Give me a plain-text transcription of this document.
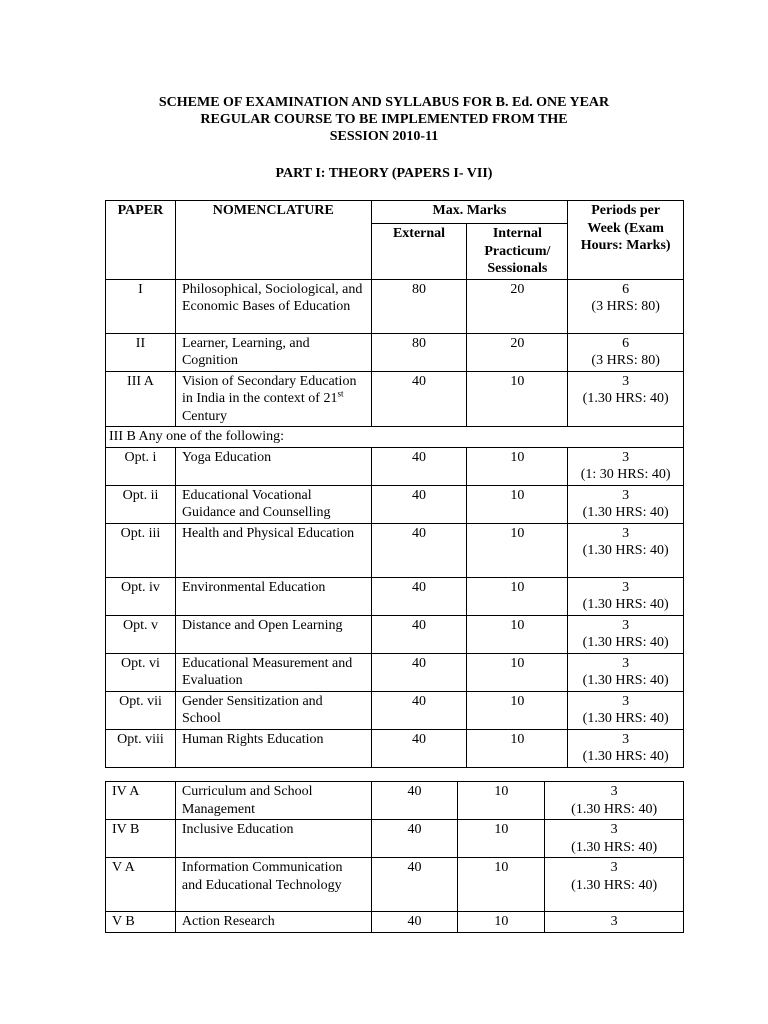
SCHEME OF EXAMINATION AND SYLLABUS FOR B. Ed. ONE YEAR
REGULAR COURSE TO BE IMPLEMENTED FROM THE
SESSION 2010-11
PART I: THEORY (PAPERS I- VII)
PAPER	NOMENCLATURE	Max. Marks		Periods per Week (Exam Hours: Marks)
		External	Internal Practicum/ Sessionals	
I	Philosophical, Sociological, and Economic Bases of Education	80	20	6
(3 HRS: 80)

II	Learner, Learning, and Cognition	80	20	6
(3 HRS: 80)

III A	Vision of Secondary Education in India in the context of 21st Century	40	10	3
(1.30 HRS: 40)

III B Any one of the following:				
Opt. i	Yoga Education	40	10	3
(1: 30 HRS: 40)

Opt. ii	Educational Vocational Guidance and Counselling	40	10	3
(1.30 HRS: 40)

Opt. iii	Health and Physical Education	40	10	3
(1.30 HRS: 40)

Opt. iv	Environmental Education	40	10	3
(1.30 HRS: 40)

Opt. v	Distance and Open Learning	40	10	3
(1.30 HRS: 40)

Opt. vi	Educational Measurement and Evaluation	40	10	3
(1.30 HRS: 40)

Opt. vii	Gender Sensitization and School	40	10	3
(1.30 HRS: 40)

Opt. viii	Human Rights Education	40	10	3
(1.30 HRS: 40)
IV A	Curriculum and School Management	40	10	3
(1.30 HRS: 40)

IV B	Inclusive Education	40	10	3
(1.30 HRS: 40)

V A	Information Communication and Educational Technology	40	10	3
(1.30 HRS: 40)

V B	Action Research	40	10	3
